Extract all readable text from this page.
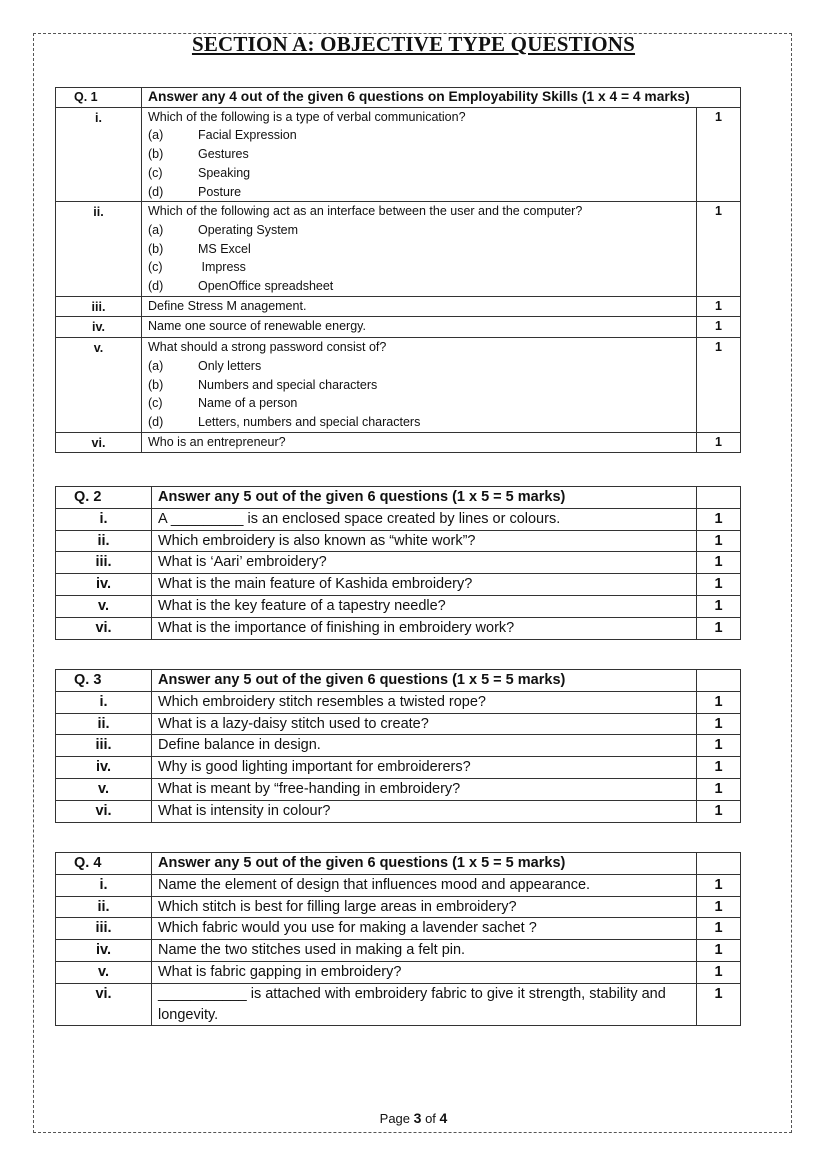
SECTION A: OBJECTIVE TYPE QUESTIONS
Q. 1	Answer any 4 out of the given 6 questions on Employability Skills (1 x 4 = 4 marks)	
i.	Which of the following is a type of verbal communication?
(a) Facial Expression
(b) Gestures
(c) Speaking
(d) Posture	1
ii.	Which of the following act as an interface between the user and the computer?
(a) Operating System
(b) MS Excel
(c) Impress
(d) OpenOffice spreadsheet	1
iii.	Define Stress M anagement.	1
iv.	Name one source of renewable energy.	1
v.	What should a strong password consist of?
(a) Only letters
(b) Numbers and special characters
(c) Name of a person
(d) Letters, numbers and special characters	1
vi.	Who is an entrepreneur?	1
Q. 2	Answer any 5 out of the given 6 questions (1 x 5 = 5 marks)	
i.	A _________ is an enclosed space created by lines or colours.	1
ii.	Which embroidery is also known as “white work”?	1
iii.	What is ‘Aari’ embroidery?	1
iv.	What is the main feature of Kashida embroidery?	1
v.	What is the key feature of a tapestry needle?	1
vi.	What is the importance of finishing in embroidery work?	1
Q. 3	Answer any 5 out of the given 6 questions (1 x 5 = 5 marks)	
i.	Which embroidery stitch resembles a twisted rope?	1
ii.	What is a lazy-daisy stitch used to create?	1
iii.	Define balance in design.	1
iv.	Why is good lighting important for embroiderers?	1
v.	What is meant by “free-handing in embroidery?	1
vi.	What is intensity in colour?	1
Q. 4	Answer any 5 out of the given 6 questions (1 x 5 = 5 marks)	
i.	Name the element of design that influences mood and appearance.	1
ii.	Which stitch is best for filling large areas in embroidery?	1
iii.	Which fabric would you use for making a lavender sachet ?	1
iv.	Name the two stitches used in making a felt pin.	1
v.	What is fabric gapping in embroidery?	1
vi.	___________ is attached with embroidery fabric to give it strength, stability and longevity.	1
Page 3 of 4
